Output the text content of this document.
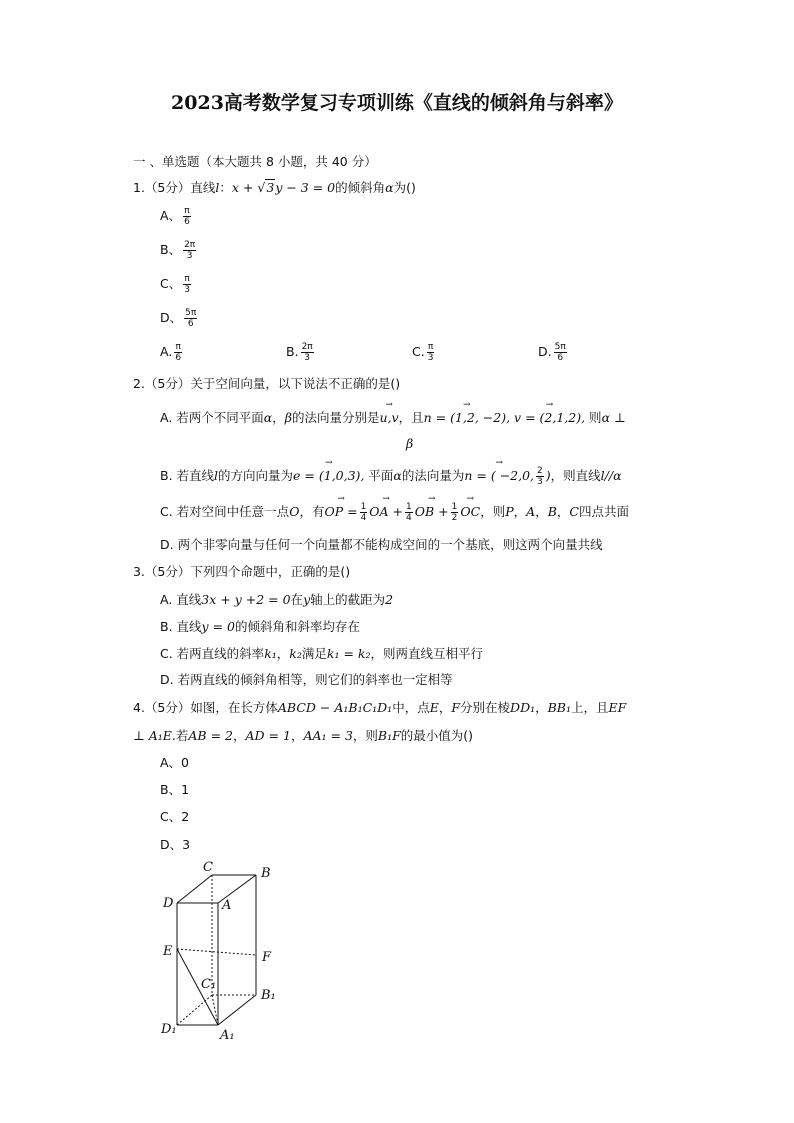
2023高考数学复习专项训练《直线的倾斜角与斜率》
一 、单选题（本大题共 8 小题，共 40 分）
1.（5分）直线l：x + √3y − 3 = 0的倾斜角α为()
A、 $\frac{\pi}{6}$
B、 $\frac{2\pi}{3}$
C、 $\frac{\pi}{3}$
D、 $\frac{5\pi}{6}$
A. $\frac{\pi}{6}$	B. $\frac{2\pi}{3}$	C. $\frac{\pi}{3}$	D. $\frac{5\pi}{6}$
2.（5分）关于空间向量，以下说法不正确的是()
A. 若两个不同平面α，β的法向量分别是→ u,v，且→ n = (1,2, −2), → v = (2,1,2), 则α ⊥
β
B. 若直线l的方向向量为→ e = (1,0,3), 平面α的法向量为→ n = ( −2,0, $\frac{2}{3}$ )，则直线l//α
C. 若对空间中任意一点O，有→ OP = $\frac{1}{4}$ → OA + $\frac{1}{4}$ → OB + $\frac{1}{2}$ → OC，则P，A，B，C四点共面
D. 两个非零向量与任何一个向量都不能构成空间的一个基底，则这两个向量共线
3.（5分）下列四个命题中，正确的是()
A. 直线3x + y +2 = 0在y轴上的截距为2
B. 直线y = 0的倾斜角和斜率均存在
C. 若两直线的斜率k₁，k₂满足k₁ = k₂，则两直线互相平行
D. 若两直线的倾斜角相等，则它们的斜率也一定相等
4.（5分）如图，在长方体ABCD − A₁B₁C₁D₁中，点E，F分别在棱DD₁，BB₁上，且EF
⊥ A₁E.若AB = 2，AD = 1，AA₁ = 3，则B₁F的最小值为()
A、0
B、1
C、2
D、3
C	B
D	A
E	F
C₁
B₁
D₁	A₁
